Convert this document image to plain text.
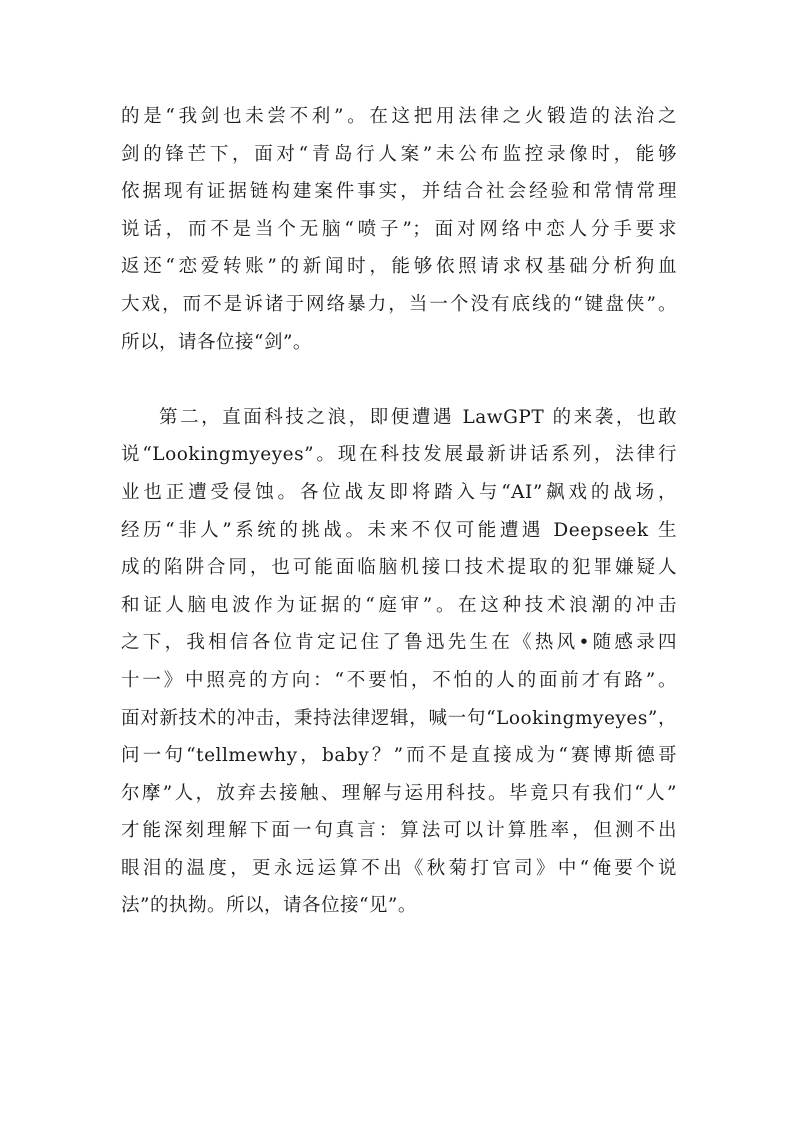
的是“我剑也未尝不利”。在这把用法律之火锻造的法治之
剑的锋芒下，面对“青岛行人案”未公布监控录像时，能够
依据现有证据链构建案件事实，并结合社会经验和常情常理
说话，而不是当个无脑“喷子”；面对网络中恋人分手要求
返还“恋爱转账”的新闻时，能够依照请求权基础分析狗血
大戏，而不是诉诸于网络暴力，当一个没有底线的“键盘侠”。
所以，请各位接“剑”。
第二，直面科技之浪，即便遭遇 LawGPT 的来袭，也敢
说“Lookingmyeyes”。现在科技发展最新讲话系列，法律行
业也正遭受侵蚀。各位战友即将踏入与“AI”飙戏的战场，
经历“非人”系统的挑战。未来不仅可能遭遇 Deepseek 生
成的陷阱合同，也可能面临脑机接口技术提取的犯罪嫌疑人
和证人脑电波作为证据的“庭审”。在这种技术浪潮的冲击
之下，我相信各位肯定记住了鲁迅先生在《热风•随感录四
十一》中照亮的方向：“不要怕，不怕的人的面前才有路”。
面对新技术的冲击，秉持法律逻辑，喊一句“Lookingmyeyes”，
问一句“tellmewhy，baby？”而不是直接成为“赛博斯德哥
尔摩”人，放弃去接触、理解与运用科技。毕竟只有我们“人”
才能深刻理解下面一句真言：算法可以计算胜率，但测不出
眼泪的温度，更永远运算不出《秋菊打官司》中“俺要个说
法”的执拗。所以，请各位接“见”。
